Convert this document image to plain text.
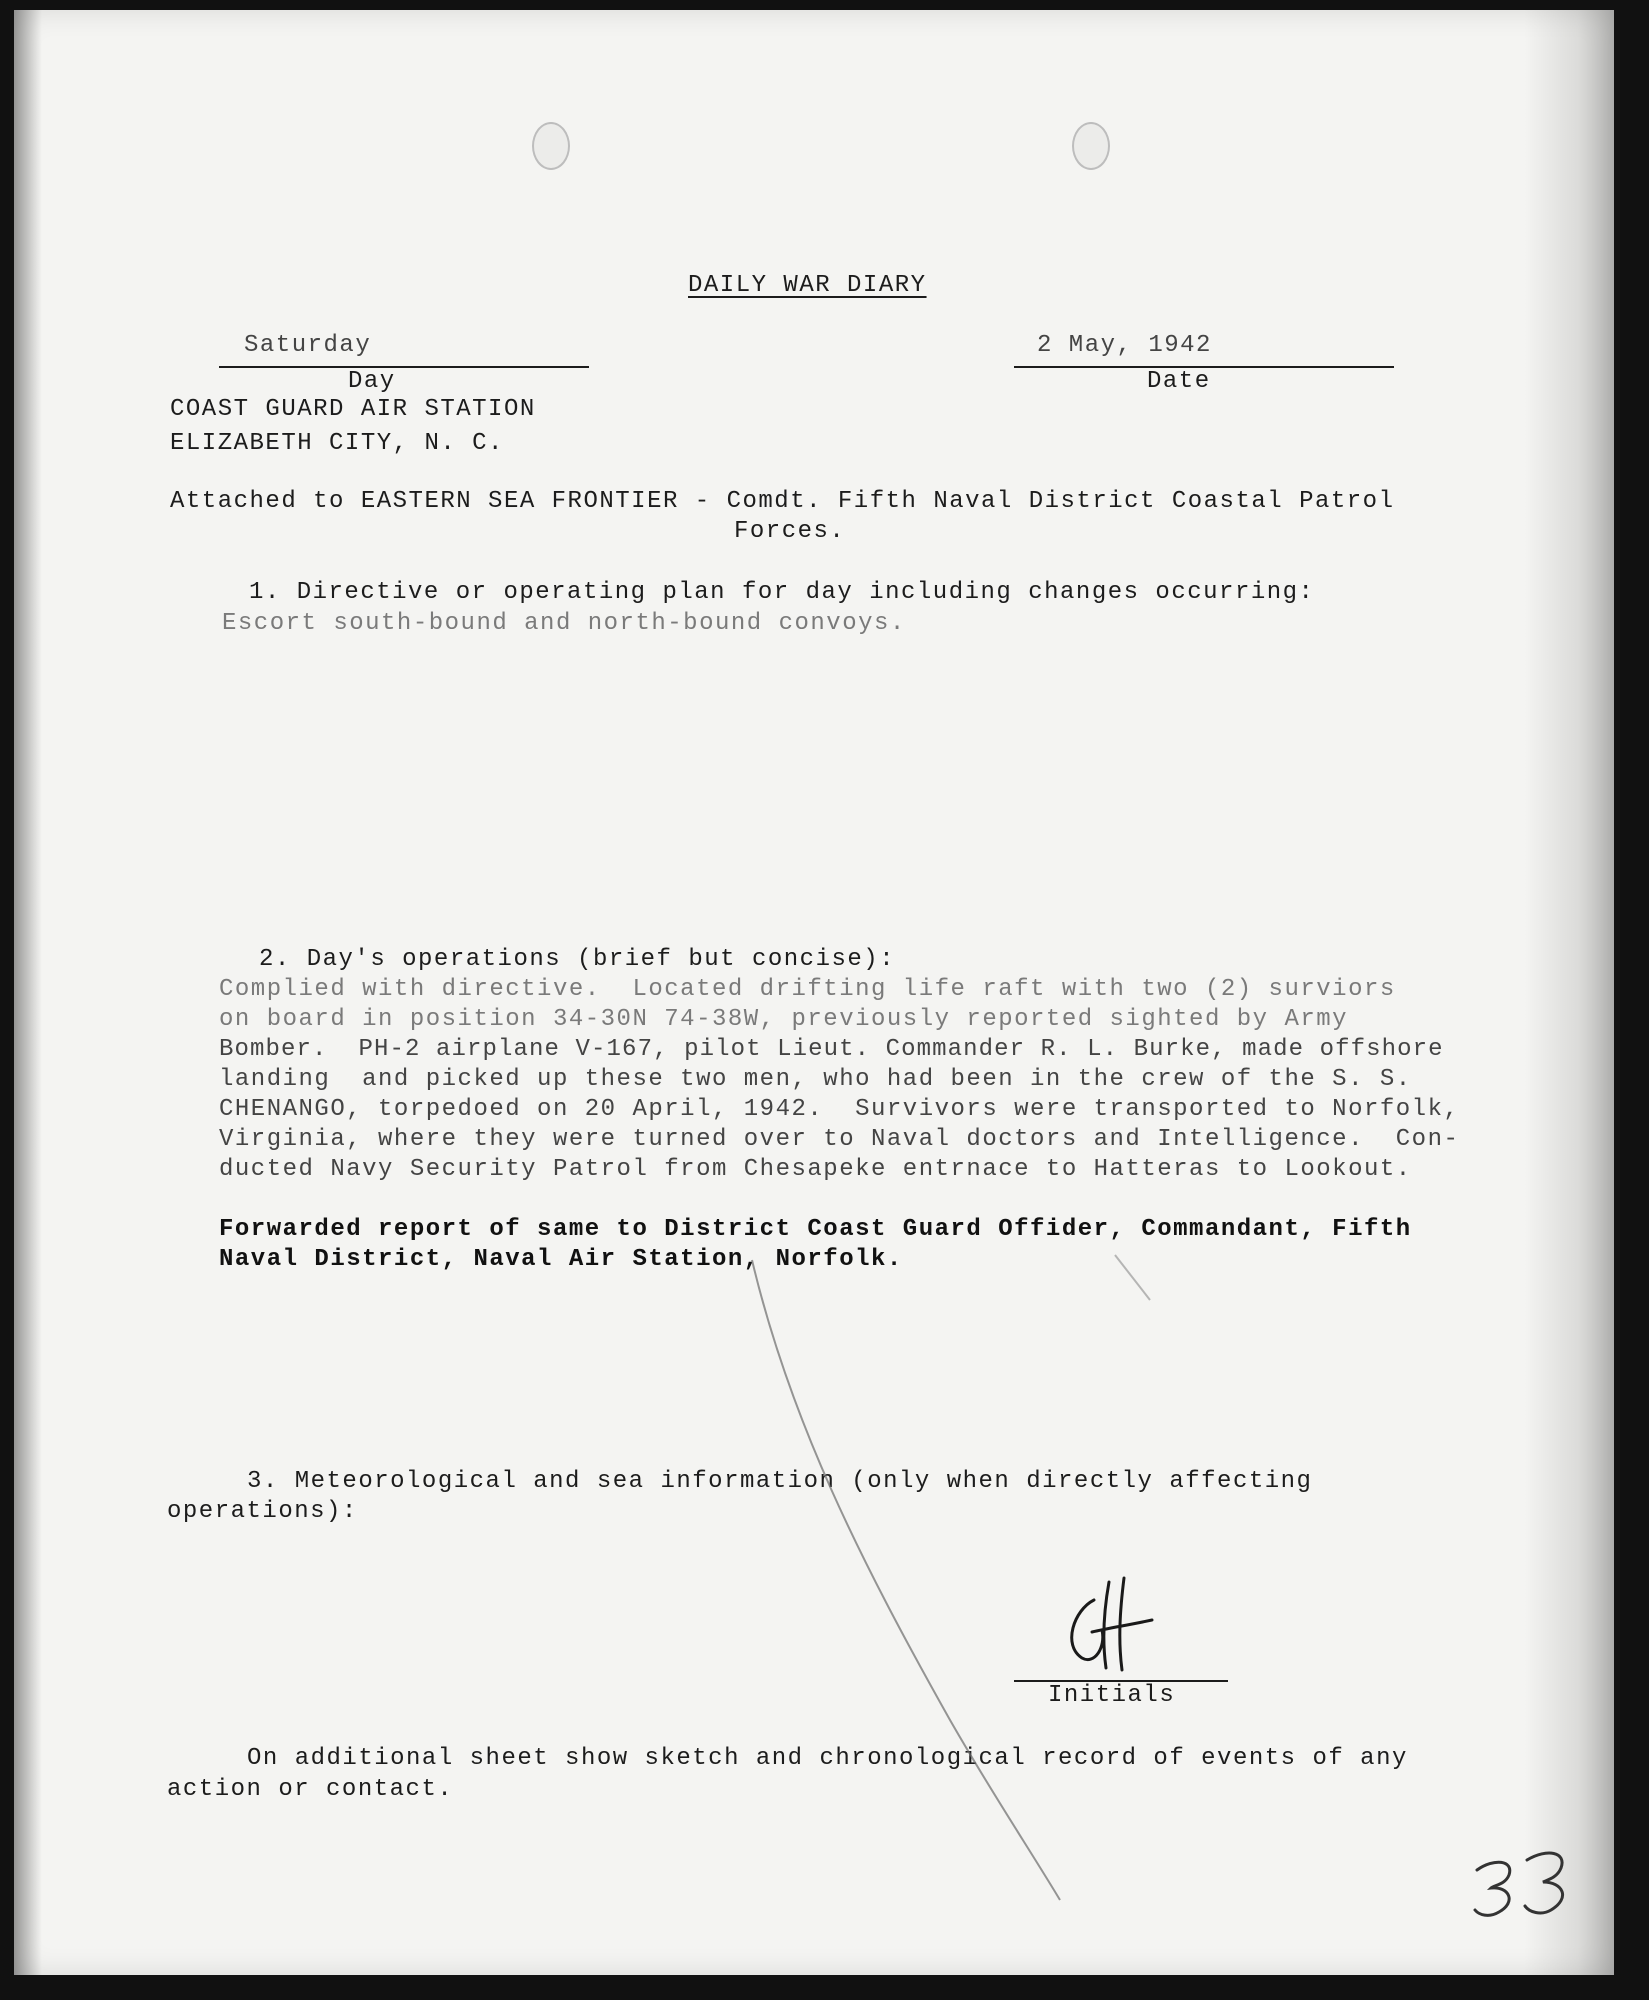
DAILY WAR DIARY
Saturday
Day
2 May, 1942
Date
COAST GUARD AIR STATION
ELIZABETH CITY, N. C.
Attached to EASTERN SEA FRONTIER - Comdt. Fifth Naval District Coastal Patrol
Forces.
1. Directive or operating plan for day including changes occurring:
Escort south-bound and north-bound convoys.
2. Day's operations (brief but concise):
Complied with directive.  Located drifting life raft with two (2) surviors
on board in position 34-30N 74-38W, previously reported sighted by Army
Bomber.  PH-2 airplane V-167, pilot Lieut. Commander R. L. Burke, made offshore
landing  and picked up these two men, who had been in the crew of the S. S.
CHENANGO, torpedoed on 20 April, 1942.  Survivors were transported to Norfolk,
Virginia, where they were turned over to Naval doctors and Intelligence.  Con-
ducted Navy Security Patrol from Chesapeke entrnace to Hatteras to Lookout.
Forwarded report of same to District Coast Guard Offider, Commandant, Fifth
Naval District, Naval Air Station, Norfolk.
3. Meteorological and sea information (only when directly affecting
operations):
Initials
On additional sheet show sketch and chronological record of events of any
action or contact.
